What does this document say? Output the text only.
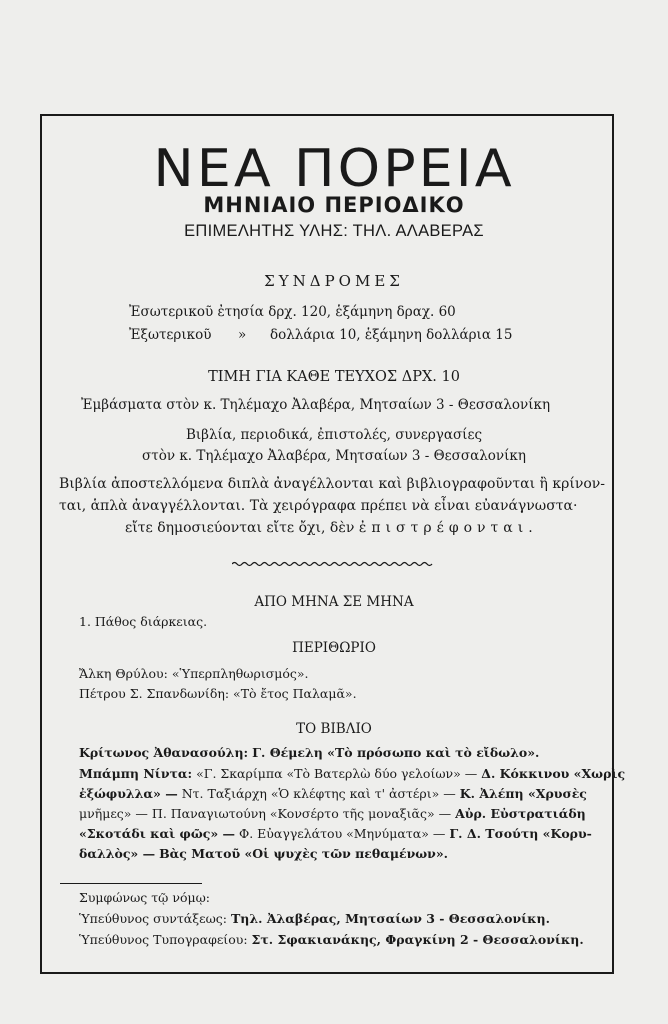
ΝΕΑ ΠΟΡΕΙΑ
ΜΗΝΙΑΙΟ ΠΕΡΙΟΔΙΚΟ
ΕΠΙΜΕΛΗΤΗΣ ΥΛΗΣ: ΤΗΛ. ΑΛΑΒΕΡΑΣ
ΣΥΝΔΡΟΜΕΣ
Ἐσωτερικοῦ ἐτησία δρχ. 120, ἑξάμηνη δραχ. 60
Ἐξωτερικοῦ » δολλάρια 10, ἑξάμηνη δολλάρια 15
ΤΙΜΗ ΓΙΑ ΚΑΘΕ ΤΕΥΧΟΣ ΔΡΧ. 10
Ἐμβάσματα στὸν κ. Τηλέμαχο Ἀλαβέρα, Μητσαίων 3 - Θεσσαλονίκη
Βιβλία, περιοδικά, ἐπιστολές, συνεργασίες
στὸν κ. Τηλέμαχο Ἀλαβέρα, Μητσαίων 3 - Θεσσαλονίκη
Βιβλία ἀποστελλόμενα διπλὰ ἀναγέλλονται καὶ βιβλιογραφοῦνται ἢ κρίνον-
ται, ἁπλὰ ἀναγγέλλονται. Τὰ χειρόγραφα πρέπει νὰ εἶναι εὐανάγνωστα·
εἴτε δημοσιεύονται εἴτε ὄχι, δὲν ἐπιστρέφονται.
ΑΠΟ ΜΗΝΑ ΣΕ ΜΗΝΑ
1. Πάθος διάρκειας.
ΠΕΡΙΘΩΡΙΟ
Ἄλκη Θρύλου: «Ὑπερπληθωρισμός».
Πέτρου Σ. Σπανδωνίδη: «Τὸ ἔτος Παλαμᾶ».
ΤΟ ΒΙΒΛΙΟ
Κρίτωνος Ἀθανασούλη: Γ. Θέμελη «Τὸ πρόσωπο καὶ τὸ εἴδωλο».
Μπάμπη Νίντα: «Γ. Σκαρίμπα «Τὸ Βατερλὼ δύο γελοίων» — Δ. Κόκκινου «Χωρὶς
ἐξώφυλλα» — Ντ. Ταξιάρχη «Ὁ κλέφτης καὶ τ' ἀστέρι» — Κ. Ἀλέπη «Χρυσὲς
μνῆμες» — Π. Παναγιωτούνη «Κονσέρτο τῆς μοναξιᾶς» — Αὐρ. Εὐστρατιάδη
«Σκοτάδι καὶ φῶς» — Φ. Εὐαγγελάτου «Μηνύματα» — Γ. Δ. Τσούτη «Κορυ-
δαλλὸς» — Βὰς Ματοῦ «Οἱ ψυχὲς τῶν πεθαμένων».
Συμφώνως τῷ νόμῳ:
Ὑπεύθυνος συντάξεως: Τηλ. Ἀλαβέρας, Μητσαίων 3 - Θεσσαλονίκη.
Ὑπεύθυνος Τυπογραφείου: Στ. Σφακιανάκης, Φραγκίνη 2 - Θεσσαλονίκη.
